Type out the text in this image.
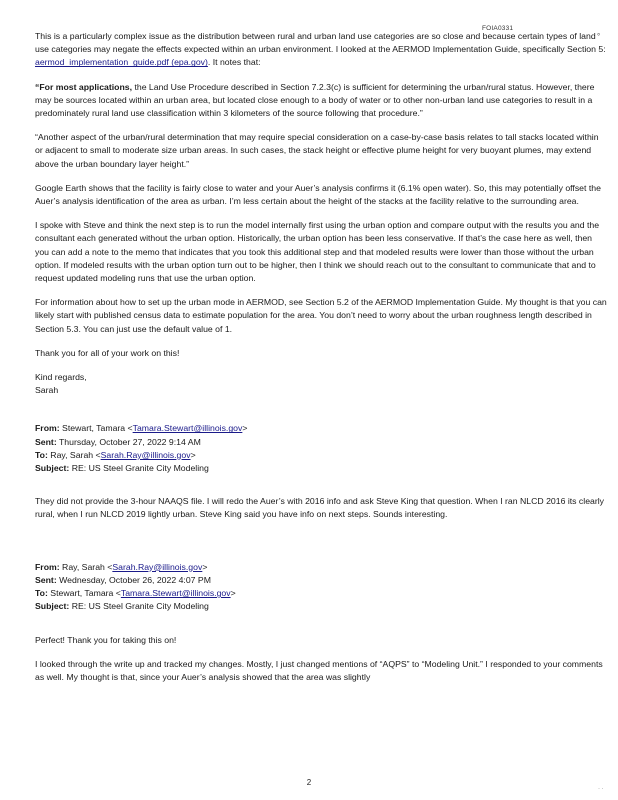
FOIA0331
°

This is a particularly complex issue as the distribution between rural and urban land use categories are so close and because certain types of land use categories may negate the effects expected within an urban environment. I looked at the AERMOD Implementation Guide, specifically Section 5: aermod_implementation_guide.pdf (epa.gov). It notes that:

“For most applications, the Land Use Procedure described in Section 7.2.3(c) is sufficient for determining the urban/rural status. However, there may be sources located within an urban area, but located close enough to a body of water or to other non-urban land use categories to result in a predominately rural land use classification within 3 kilometers of the source following that procedure.”

“Another aspect of the urban/rural determination that may require special consideration on a case-by-case basis relates to tall stacks located within or adjacent to small to moderate size urban areas. In such cases, the stack height or effective plume height for very buoyant plumes, may extend above the urban boundary layer height.”

Google Earth shows that the facility is fairly close to water and your Auer’s analysis confirms it (6.1% open water). So, this may potentially offset the Auer’s analysis identification of the area as urban. I’m less certain about the height of the stacks at the facility relative to the surrounding area.

I spoke with Steve and think the next step is to run the model internally first using the urban option and compare output with the results you and the consultant each generated without the urban option. Historically, the urban option has been less conservative. If that’s the case here as well, then you can add a note to the memo that indicates that you took this additional step and that modeled results were lower than those without the urban option. If modeled results with the urban option turn out to be higher, then I think we should reach out to the consultant to communicate that and to request updated modeling runs that use the urban option.

For information about how to set up the urban mode in AERMOD, see Section 5.2 of the AERMOD Implementation Guide. My thought is that you can likely start with published census data to estimate population for the area. You don’t need to worry about the urban roughness length described in Section 5.3. You can just use the default value of 1.

Thank you for all of your work on this!

Kind regards,
Sarah

From: Stewart, Tamara <Tamara.Stewart@illinois.gov>
Sent: Thursday, October 27, 2022 9:14 AM
To: Ray, Sarah <Sarah.Ray@illinois.gov>
Subject: RE: US Steel Granite City Modeling

They did not provide the 3-hour NAAQS file. I will redo the Auer’s with 2016 info and ask Steve King that question. When I ran NLCD 2016 its clearly rural, when I run NLCD 2019 lightly urban. Steve King said you have info on next steps. Sounds interesting.

From: Ray, Sarah <Sarah.Ray@illinois.gov>
Sent: Wednesday, October 26, 2022 4:07 PM
To: Stewart, Tamara <Tamara.Stewart@illinois.gov>
Subject: RE: US Steel Granite City Modeling

Perfect! Thank you for taking this on!

I looked through the write up and tracked my changes. Mostly, I just changed mentions of “AQPS” to “Modeling Unit.” I responded to your comments as well. My thought is that, since your Auer’s analysis showed that the area was slightly

2
· ·
